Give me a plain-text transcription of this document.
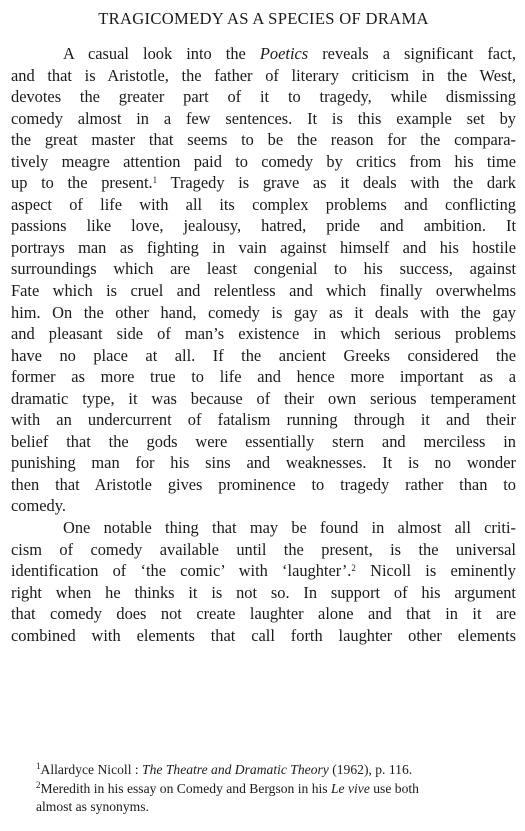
TRAGICOMEDY AS A SPECIES OF DRAMA
A casual look into the Poetics reveals a significant fact,
and that is Aristotle, the father of literary criticism in the West,
devotes the greater part of it to tragedy, while dismissing
comedy almost in a few sentences. It is this example set by
the great master that seems to be the reason for the compara-
tively meagre attention paid to comedy by critics from his time
up to the present.$^1$ Tragedy is grave as it deals with the dark
aspect of life with all its complex problems and conflicting
passions like love, jealousy, hatred, pride and ambition. It
portrays man as fighting in vain against himself and his hostile
surroundings which are least congenial to his success, against
Fate which is cruel and relentless and which finally overwhelms
him. On the other hand, comedy is gay as it deals with the gay
and pleasant side of man’s existence in which serious problems
have no place at all. If the ancient Greeks considered the
former as more true to life and hence more important as a
dramatic type, it was because of their own serious temperament
with an undercurrent of fatalism running through it and their
belief that the gods were essentially stern and merciless in
punishing man for his sins and weaknesses. It is no wonder
then that Aristotle gives prominence to tragedy rather than to
comedy.
One notable thing that may be found in almost all criti-
cism of comedy available until the present, is the universal
identification of ‘the comic’ with ‘laughter’.$^2$ Nicoll is eminently
right when he thinks it is not so. In support of his argument
that comedy does not create laughter alone and that in it are
combined with elements that call forth laughter other elements
$^1$Allardyce Nicoll : The Theatre and Dramatic Theory (1962), p. 116.
$^2$Meredith in his essay on Comedy and Bergson in his Le vive use both
almost as synonyms.
